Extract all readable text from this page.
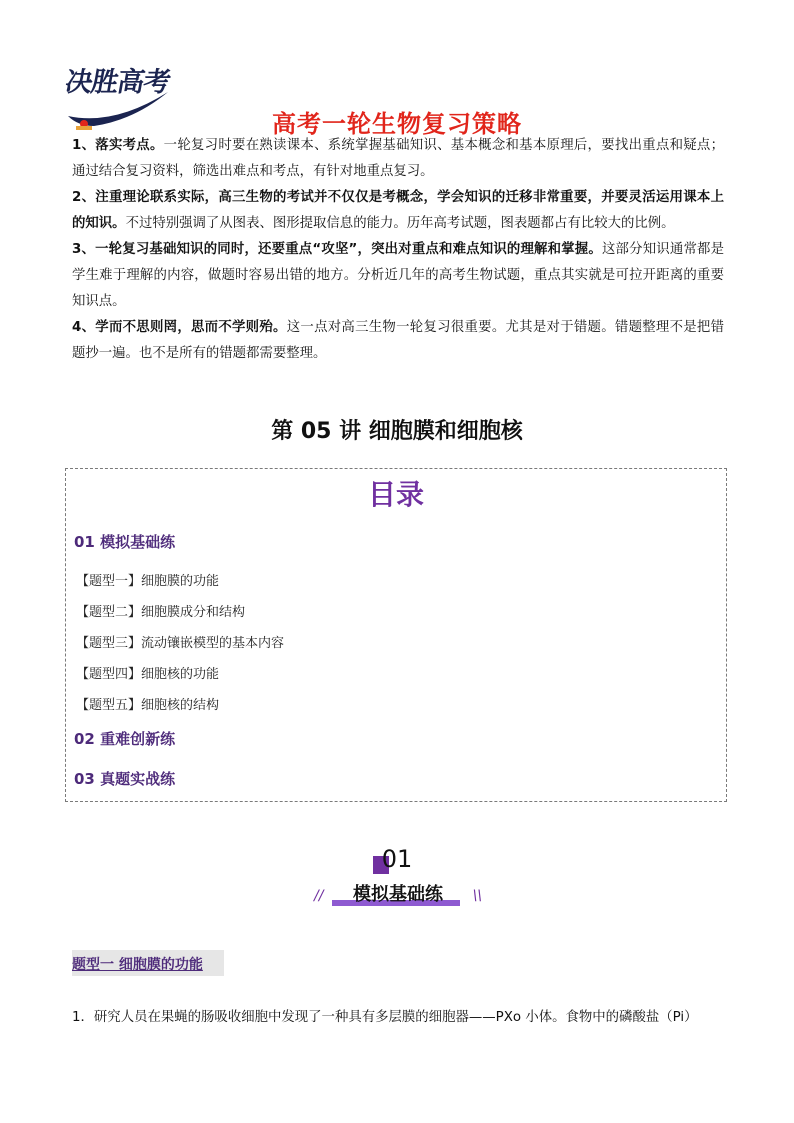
决胜高考
高考一轮生物复习策略

1、落实考点。一轮复习时要在熟读课本、系统掌握基础知识、基本概念和基本原理后，要找出重点和疑点；通过结合复习资料，筛选出难点和考点，有针对地重点复习。

2、注重理论联系实际，高三生物的考试并不仅仅是考概念，学会知识的迁移非常重要，并要灵活运用课本上的知识。不过特别强调了从图表、图形提取信息的能力。历年高考试题，图表题都占有比较大的比例。

3、一轮复习基础知识的同时，还要重点“攻坚”，突出对重点和难点知识的理解和掌握。这部分知识通常都是学生难于理解的内容，做题时容易出错的地方。分析近几年的高考生物试题，重点其实就是可拉开距离的重要知识点。

4、学而不思则罔，思而不学则殆。这一点对高三生物一轮复习很重要。尤其是对于错题。错题整理不是把错题抄一遍。也不是所有的错题都需要整理。

第 05 讲 细胞膜和细胞核
目录
01 模拟基础练
【题型一】细胞膜的功能
【题型二】细胞膜成分和结构
【题型三】流动镶嵌模型的基本内容
【题型四】细胞核的功能
【题型五】细胞核的结构
02 重难创新练
03 真题实战练
01
//	模拟基础练	\\
题型一 细胞膜的功能
1．研究人员在果蝇的肠吸收细胞中发现了一种具有多层膜的细胞器——PXo 小体。食物中的磷酸盐（Pi）
